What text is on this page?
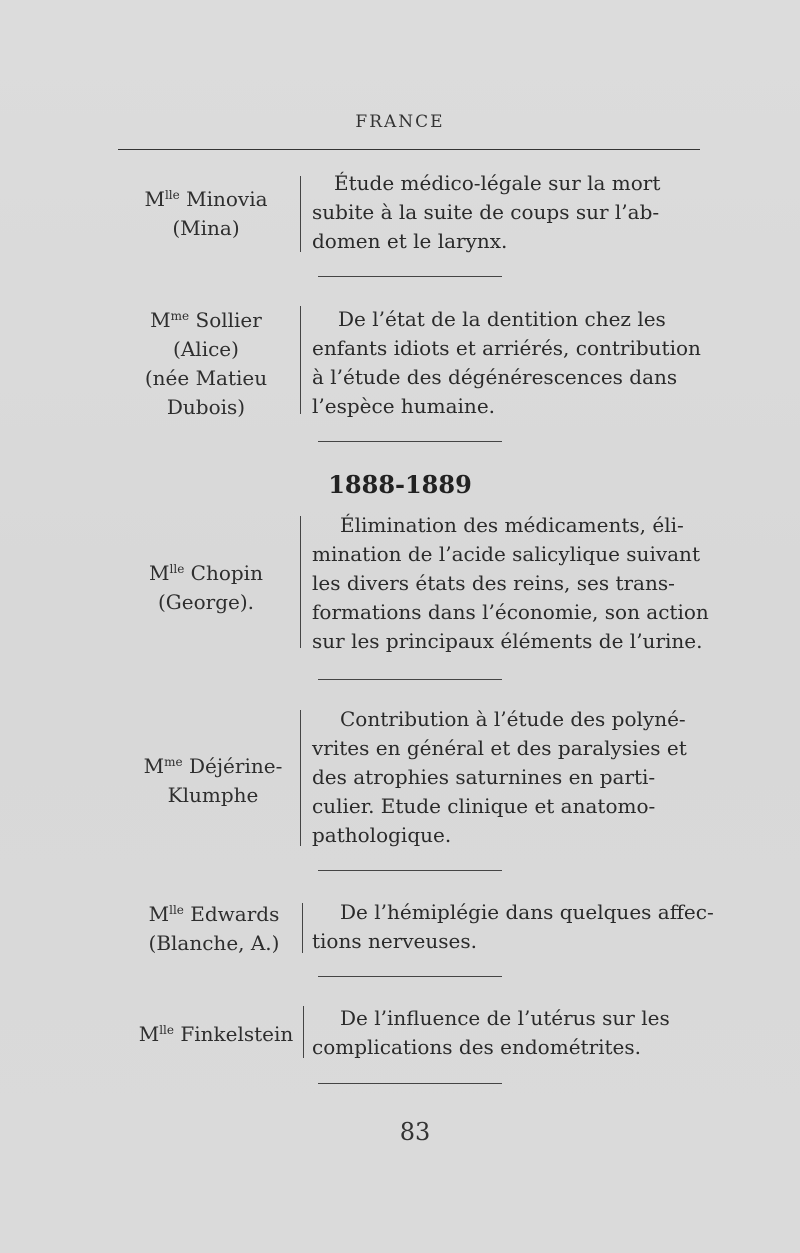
FRANCE
$M^{lle}$ Minovia
(Mina)
Étude médico-légale sur la mort
subite à la suite de coups sur l’ab-
domen et le larynx.
$M^{me}$ Sollier
(Alice)
(née Matieu
Dubois)
De l’état de la dentition chez les
enfants idiots et arriérés, contribution
à l’étude des dégénérescences dans
l’espèce humaine.
1888-1889
$M^{lle}$ Chopin
(George).
Élimination des médicaments, éli-
mination de l’acide salicylique suivant
les divers états des reins, ses trans-
formations dans l’économie, son action
sur les principaux éléments de l’urine.
$M^{me}$ Déjérine-
Klumphe
Contribution à l’étude des polyné-
vrites en général et des paralysies et
des atrophies saturnines en parti-
culier. Etude clinique et anatomo-
pathologique.
$M^{lle}$ Edwards
(Blanche, A.)
De l’hémiplégie dans quelques affec-
tions nerveuses.
$M^{lle}$ Finkelstein
De l’influence de l’utérus sur les
complications des endométrites.
83
